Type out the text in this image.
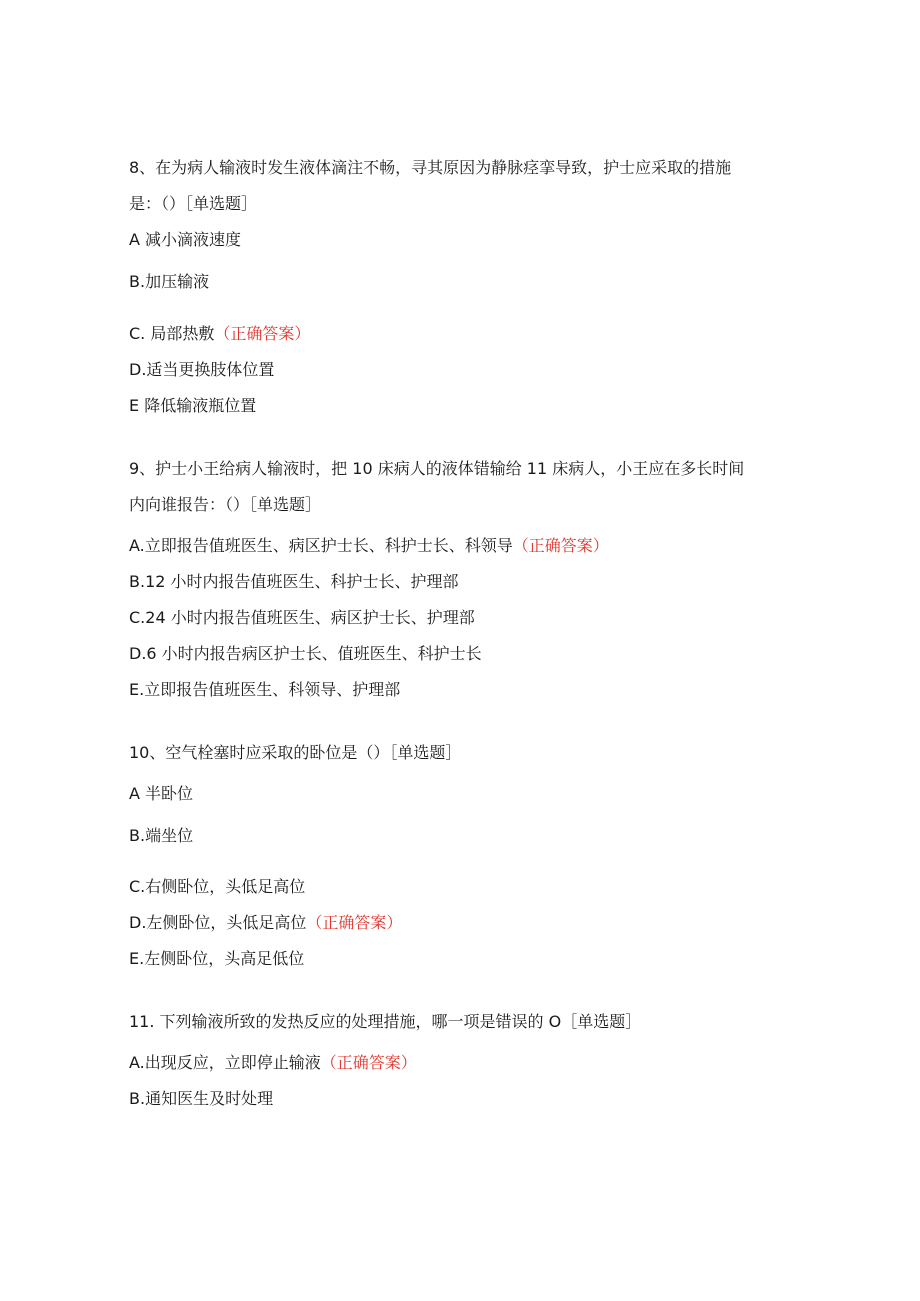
8、在为病人输液时发生液体滴注不畅，寻其原因为静脉痉挛导致，护士应采取的措施
是：（）［单选题］
A 减小滴液速度
B.加压输液
C. 局部热敷（正确答案）
D.适当更换肢体位置
E 降低输液瓶位置
9、护士小王给病人输液时，把 10 床病人的液体错输给 11 床病人，小王应在多长时间
内向谁报告：（）［单选题］
A.立即报告值班医生、病区护士长、科护士长、科领导（正确答案）
B.12 小时内报告值班医生、科护士长、护理部
C.24 小时内报告值班医生、病区护士长、护理部
D.6 小时内报告病区护士长、值班医生、科护士长
E.立即报告值班医生、科领导、护理部
10、空气栓塞时应采取的卧位是（）［单选题］
A 半卧位
B.端坐位
C.右侧卧位，头低足高位
D.左侧卧位，头低足高位（正确答案）
E.左侧卧位，头高足低位
11. 下列输液所致的发热反应的处理措施，哪一项是错误的 O［单选题］
A.出现反应，立即停止输液（正确答案）
B.通知医生及时处理
